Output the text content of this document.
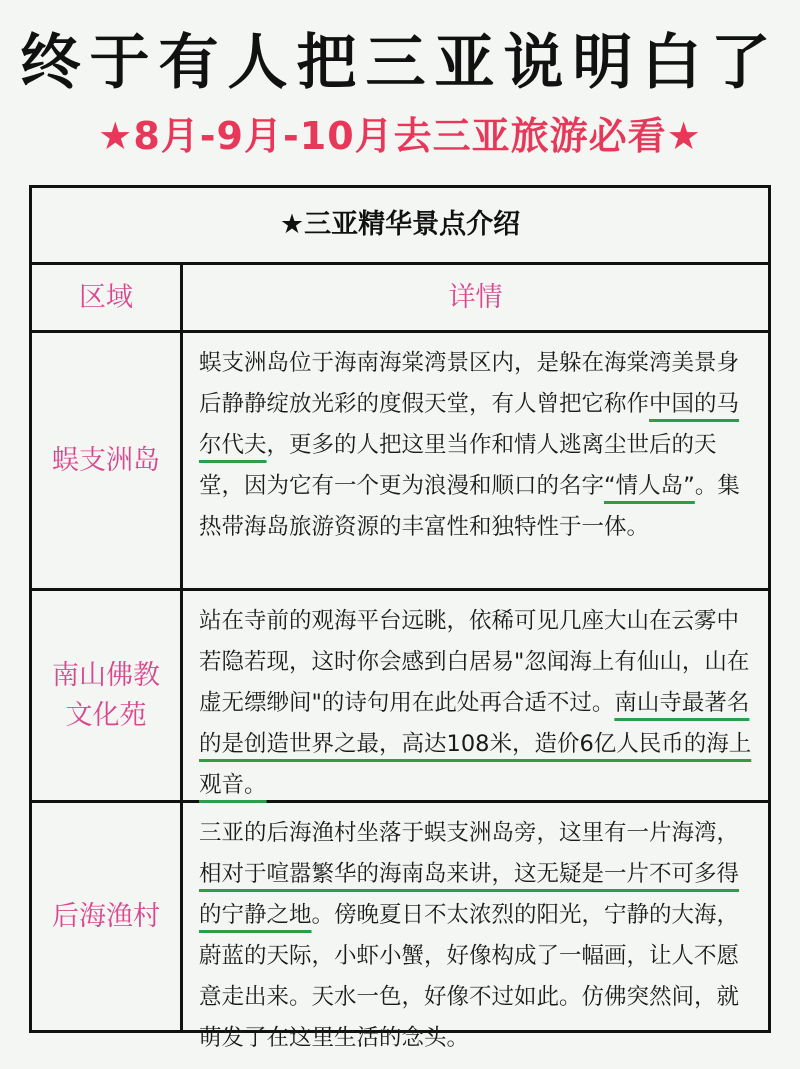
终于有人把三亚说明白了
★8月-9月-10月去三亚旅游必看★
★三亚精华景点介绍
区域	详情
蜈支洲岛
蜈支洲岛位于海南海棠湾景区内，是躲在海棠湾美景身后静静绽放光彩的度假天堂，有人曾把它称作中国的马尔代夫，更多的人把这里当作和情人逃离尘世后的天堂，因为它有一个更为浪漫和顺口的名字“情人岛”。集热带海岛旅游资源的丰富性和独特性于一体。
南山佛教
文化苑
站在寺前的观海平台远眺，依稀可见几座大山在云雾中若隐若现，这时你会感到白居易"忽闻海上有仙山，山在虚无缥缈间"的诗句用在此处再合适不过。南山寺最著名的是创造世界之最，高达108米，造价6亿人民币的海上观音。
后海渔村
三亚的后海渔村坐落于蜈支洲岛旁，这里有一片海湾，相对于喧嚣繁华的海南岛来讲，这无疑是一片不可多得的宁静之地。傍晚夏日不太浓烈的阳光，宁静的大海，蔚蓝的天际，小虾小蟹，好像构成了一幅画，让人不愿意走出来。天水一色，好像不过如此。仿佛突然间，就萌发了在这里生活的念头。
